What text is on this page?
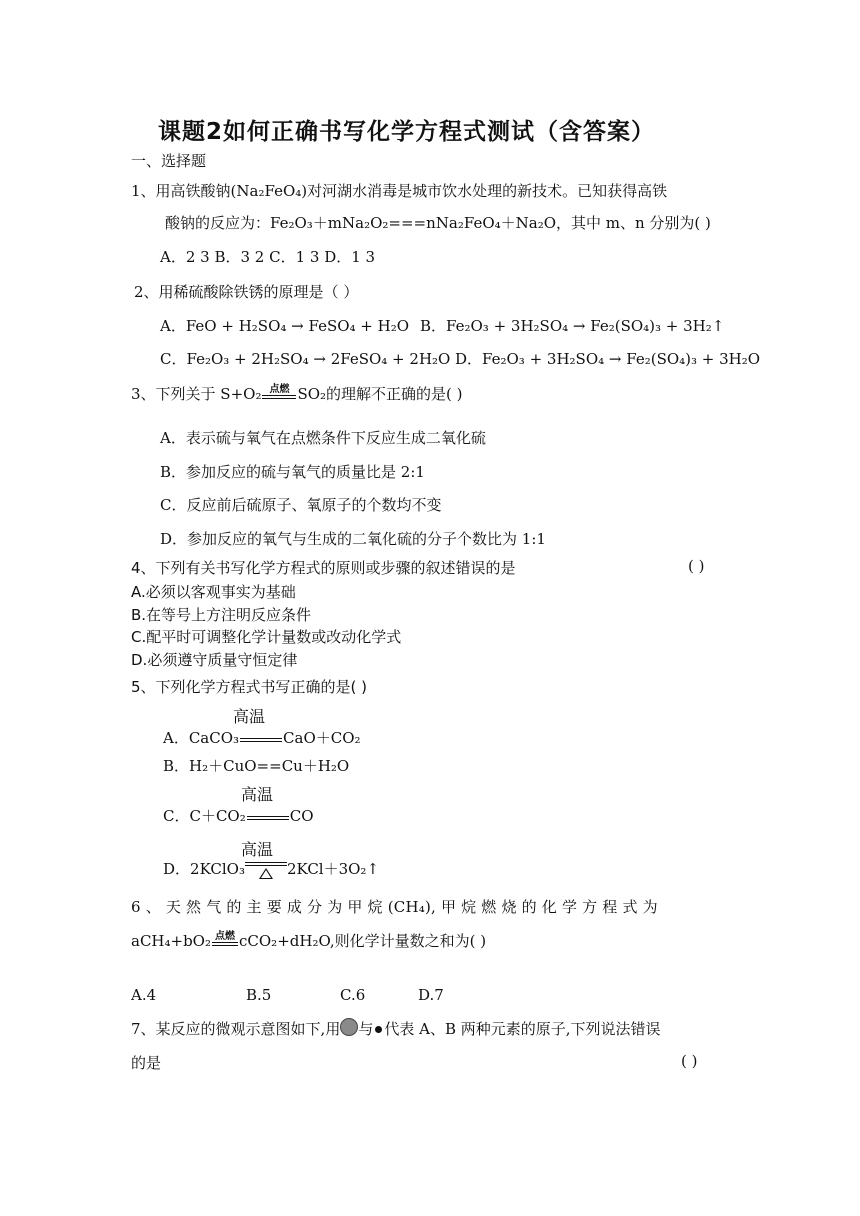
课题2如何正确书写化学方程式测试（含答案）
一、选择题
1、用高铁酸钠(Na₂FeO₄)对河湖水消毒是城市饮水处理的新技术。已知获得高铁
酸钠的反应为：Fe₂O₃＋mNa₂O₂===nNa₂FeO₄＋Na₂O，其中 m、n 分别为( )
A．2 3 B．3 2 C．1 3 D．1 3
2、用稀硫酸除铁锈的原理是（ ）
A．FeO + H₂SO₄ → FeSO₄ + H₂O B．Fe₂O₃ + 3H₂SO₄ → Fe₂(SO₄)₃ + 3H₂↑
C．Fe₂O₃ + 2H₂SO₄ → 2FeSO₄ + 2H₂O D．Fe₂O₃ + 3H₂SO₄ → Fe₂(SO₄)₃ + 3H₂O
3、下列关于 S+O₂ 点燃 SO₂的理解不正确的是( )
A．表示硫与氧气在点燃条件下反应生成二氧化硫
B．参加反应的硫与氧气的质量比是 2:1
C．反应前后硫原子、氧原子的个数均不变
D．参加反应的氧气与生成的二氧化硫的分子个数比为 1:1
4、下列有关书写化学方程式的原则或步骤的叙述错误的是	( )
A.必须以客观事实为基础
B.在等号上方注明反应条件
C.配平时可调整化学计量数或改动化学式
D.必须遵守质量守恒定律
5、下列化学方程式书写正确的是( )
高温
A．CaCO₃	CaO＋CO₂
B．H₂＋CuO==Cu＋H₂O
高温
C．C＋CO₂	CO
高温
D．2KClO₃	2KCl＋3O₂↑
6 、 天 然 气 的 主 要 成 分 为 甲 烷 (CH₄), 甲 烷 燃 烧 的 化 学 方 程 式 为
aCH₄+bO₂ 点燃 cCO₂+dH₂O,则化学计量数之和为( )
A.4	B.5	C.6	D.7
7、某反应的微观示意图如下,用 与 代表 A、B 两种元素的原子,下列说法错误
的是	( )
